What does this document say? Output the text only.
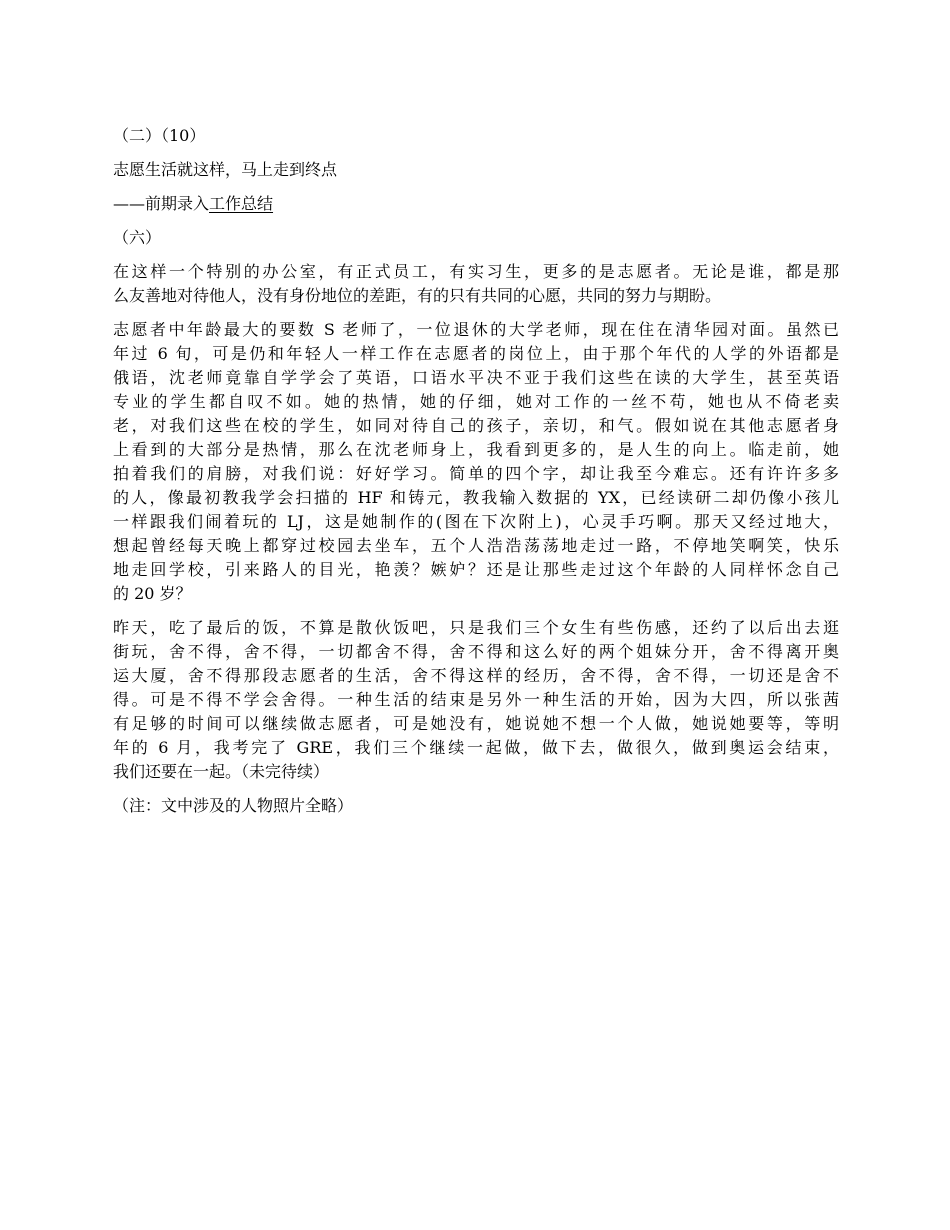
（二）（10）

志愿生活就这样，马上走到终点

——前期录入工作总结

（六）

在这样一个特别的办公室，有正式员工，有实习生，更多的是志愿者。无论是谁，都是那
么友善地对待他人，没有身份地位的差距，有的只有共同的心愿，共同的努力与期盼。
志愿者中年龄最大的要数 S 老师了，一位退休的大学老师，现在住在清华园对面。虽然已
年过 6 旬，可是仍和年轻人一样工作在志愿者的岗位上，由于那个年代的人学的外语都是
俄语，沈老师竟靠自学学会了英语，口语水平决不亚于我们这些在读的大学生，甚至英语
专业的学生都自叹不如。她的热情，她的仔细，她对工作的一丝不苟，她也从不倚老卖
老，对我们这些在校的学生，如同对待自己的孩子，亲切，和气。假如说在其他志愿者身
上看到的大部分是热情，那么在沈老师身上，我看到更多的，是人生的向上。临走前，她
拍着我们的肩膀，对我们说：好好学习。简单的四个字，却让我至今难忘。还有许许多多
的人，像最初教我学会扫描的 HF 和铸元，教我输入数据的 YX，已经读研二却仍像小孩儿
一样跟我们闹着玩的 LJ，这是她制作的(图在下次附上)，心灵手巧啊。那天又经过地大，
想起曾经每天晚上都穿过校园去坐车，五个人浩浩荡荡地走过一路，不停地笑啊笑，快乐
地走回学校，引来路人的目光，艳羡？嫉妒？还是让那些走过这个年龄的人同样怀念自己
的 20 岁？
昨天，吃了最后的饭，不算是散伙饭吧，只是我们三个女生有些伤感，还约了以后出去逛
街玩，舍不得，舍不得，一切都舍不得，舍不得和这么好的两个姐妹分开，舍不得离开奥
运大厦，舍不得那段志愿者的生活，舍不得这样的经历，舍不得，舍不得，一切还是舍不
得。可是不得不学会舍得。一种生活的结束是另外一种生活的开始，因为大四，所以张茜
有足够的时间可以继续做志愿者，可是她没有，她说她不想一个人做，她说她要等，等明
年的 6 月，我考完了 GRE，我们三个继续一起做，做下去，做很久，做到奥运会结束，
我们还要在一起。（未完待续）

（注：文中涉及的人物照片全略）
